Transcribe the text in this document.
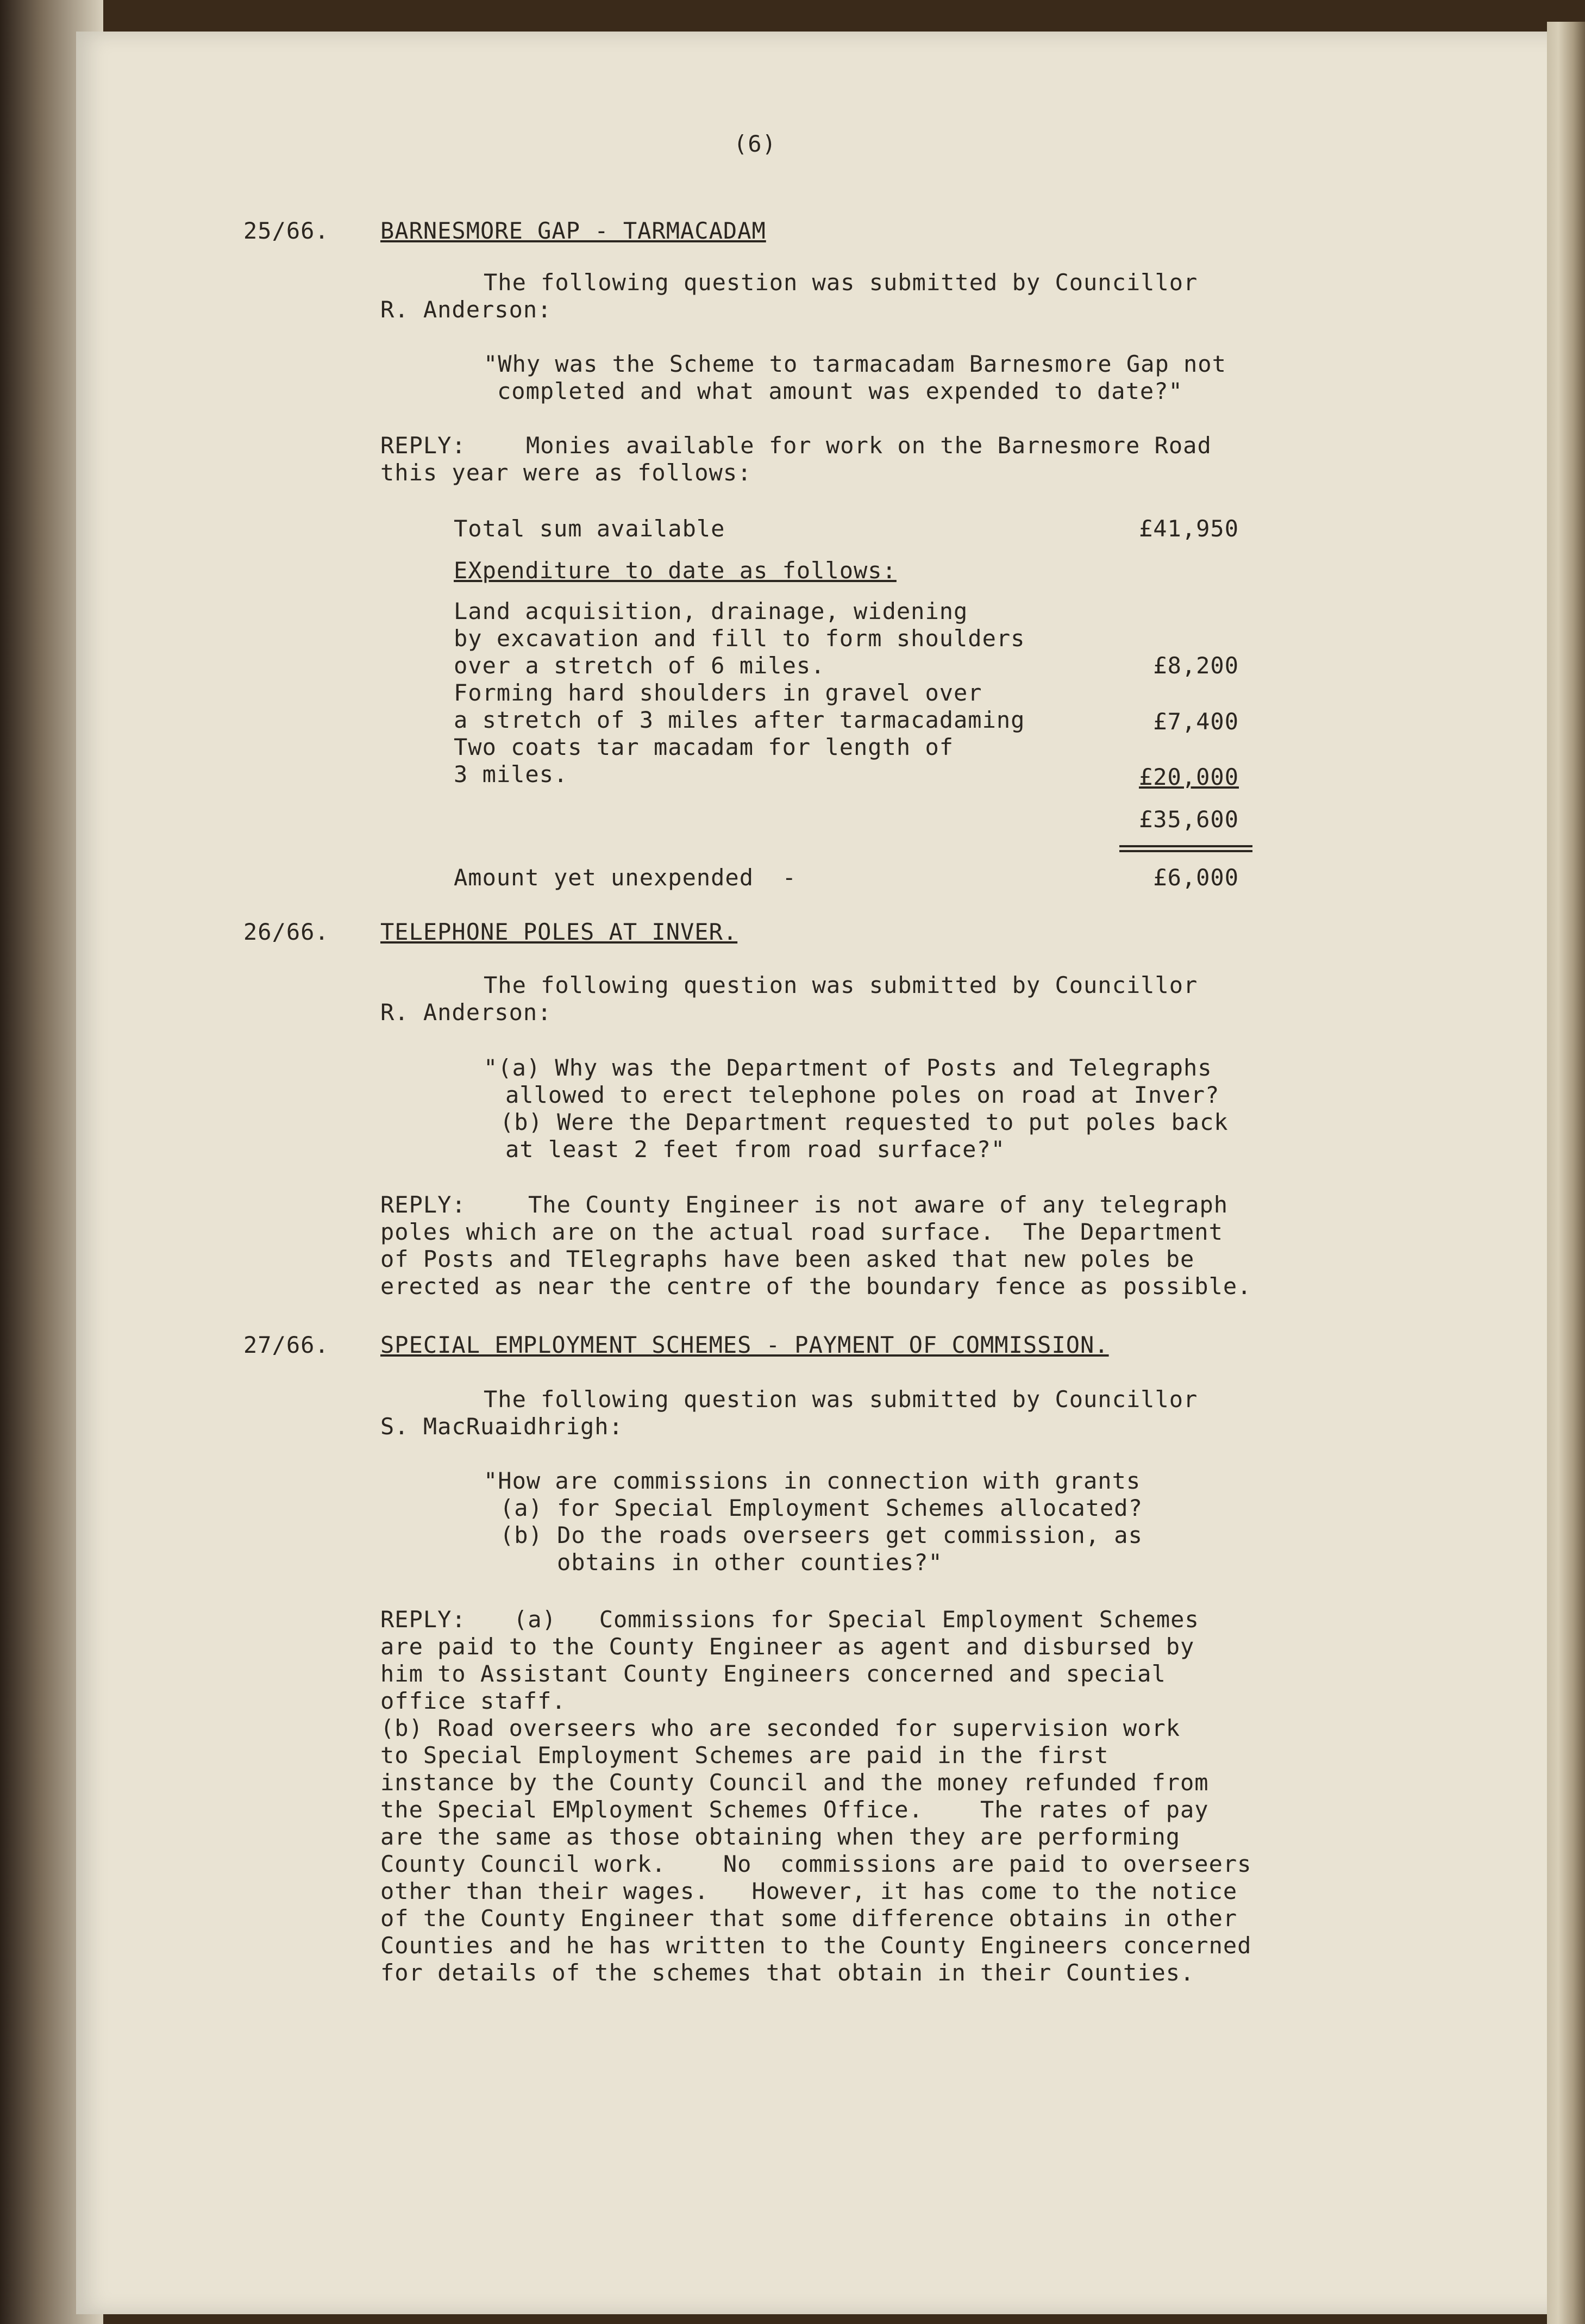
(6)
25/66. BARNESMORE GAP - TARMACADAM
The following question was submitted by Councillor
R. Anderson:
"Why was the Scheme to tarmacadam Barnesmore Gap not
completed and what amount was expended to date?"
REPLY:	Monies available for work on the Barnesmore Road
this year were as follows:
Total sum available	£41,950
EXpenditure to date as follows:
Land acquisition, drainage, widening
by excavation and fill to form shoulders
over a stretch of 6 miles.	£8,200
Forming hard shoulders in gravel over
a stretch of 3 miles after tarmacadaming	£7,400
Two coats tar macadam for length of
3 miles.	£20,000
£35,600
Amount yet unexpended  -	£6,000
26/66. TELEPHONE POLES AT INVER.
The following question was submitted by Councillor
R. Anderson:
"(a) Why was the Department of Posts and Telegraphs
allowed to erect telephone poles on road at Inver?
(b) Were the Department requested to put poles back
at least 2 feet from road surface?"
REPLY:	The County Engineer is not aware of any telegraph
poles which are on the actual road surface.  The Department
of Posts and TElegraphs have been asked that new poles be
erected as near the centre of the boundary fence as possible.
27/66. SPECIAL EMPLOYMENT SCHEMES - PAYMENT OF COMMISSION.
The following question was submitted by Councillor
S. MacRuaidhrigh:
"How are commissions in connection with grants
(a) for Special Employment Schemes allocated?
(b) Do the roads overseers get commission, as
obtains in other counties?"
REPLY: (a)   Commissions for Special Employment Schemes
are paid to the County Engineer as agent and disbursed by
him to Assistant County Engineers concerned and special
office staff.
(b) Road overseers who are seconded for supervision work
to Special Employment Schemes are paid in the first
instance by the County Council and the money refunded from
the Special EMployment Schemes Office.    The rates of pay
are the same as those obtaining when they are performing
County Council work.    No  commissions are paid to overseers
other than their wages.   However, it has come to the notice
of the County Engineer that some difference obtains in other
Counties and he has written to the County Engineers concerned
for details of the schemes that obtain in their Counties.
